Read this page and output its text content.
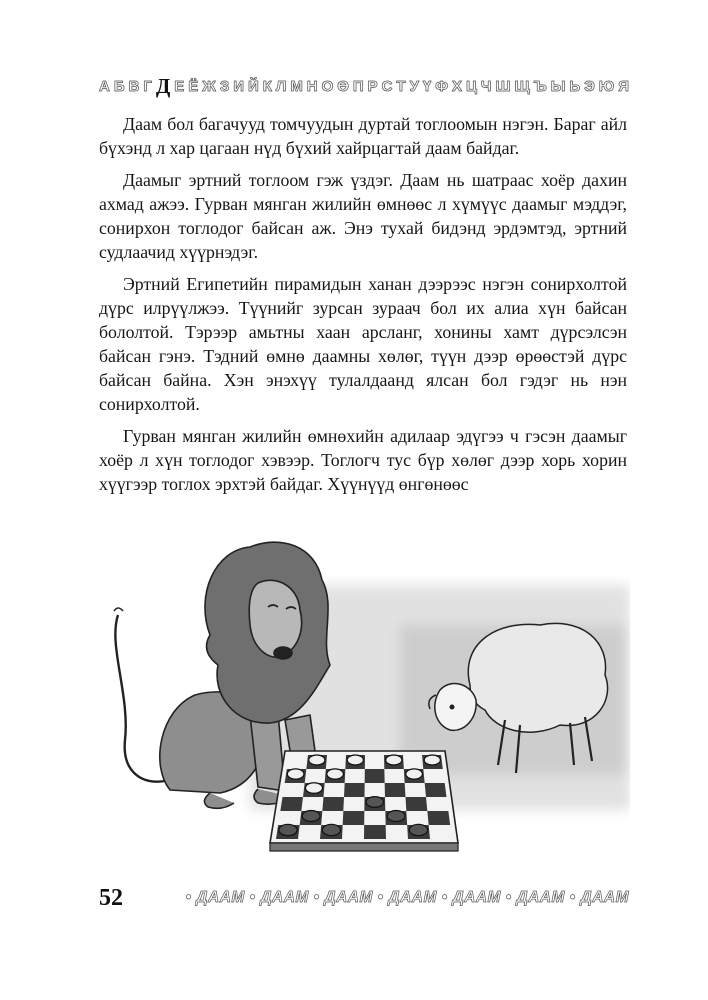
А Б В Г Д Е Ё Ж З И Й К Л М Н О Ө П Р С Т У Ү Ф Х Ц Ч Ш Щ Ъ Ы Ь Э Ю Я

Даам бол багачууд томчуудын дуртай тоглоомын нэгэн. Бараг айл бүхэнд л хар цагаан нүд бүхий хайрцагтай даам байдаг.

Даамыг эртний тоглоом гэж үздэг. Даам нь шатраас хоёр дахин ахмад ажээ. Гурван мянган жилийн өмнөөс л хүмүүс даамыг мэддэг, сонирхон тоглодог байсан аж. Энэ тухай бидэнд эрдэмтэд, эртний судлаачид хүүрнэдэг.

Эртний Египетийн пирамидын ханан дээрээс нэгэн сонирхолтой дүрс илрүүлжээ. Түүнийг зурсан зураач бол их алиа хүн байсан бололтой. Тэрээр амьтны хаан арсланг, хонины хамт дүрсэлсэн байсан гэнэ. Тэдний өмнө даамны хөлөг, түүн дээр өрөөстэй дүрс байсан байна. Хэн энэхүү тулалдаанд ялсан бол гэдэг нь нэн сонирхолтой.

Гурван мянган жилийн өмнөхийн адилаар эдүгээ ч гэсэн даамыг хоёр л хүн тоглодог хэвээр. Тоглогч тус бүр хөлөг дээр хорь хорин хүүгээр тоглох эрхтэй байдаг. Хүүнүүд өнгөнөөс

52	• ДААМ • ДААМ • ДААМ • ДААМ • ДААМ • ДААМ • ДААМ
